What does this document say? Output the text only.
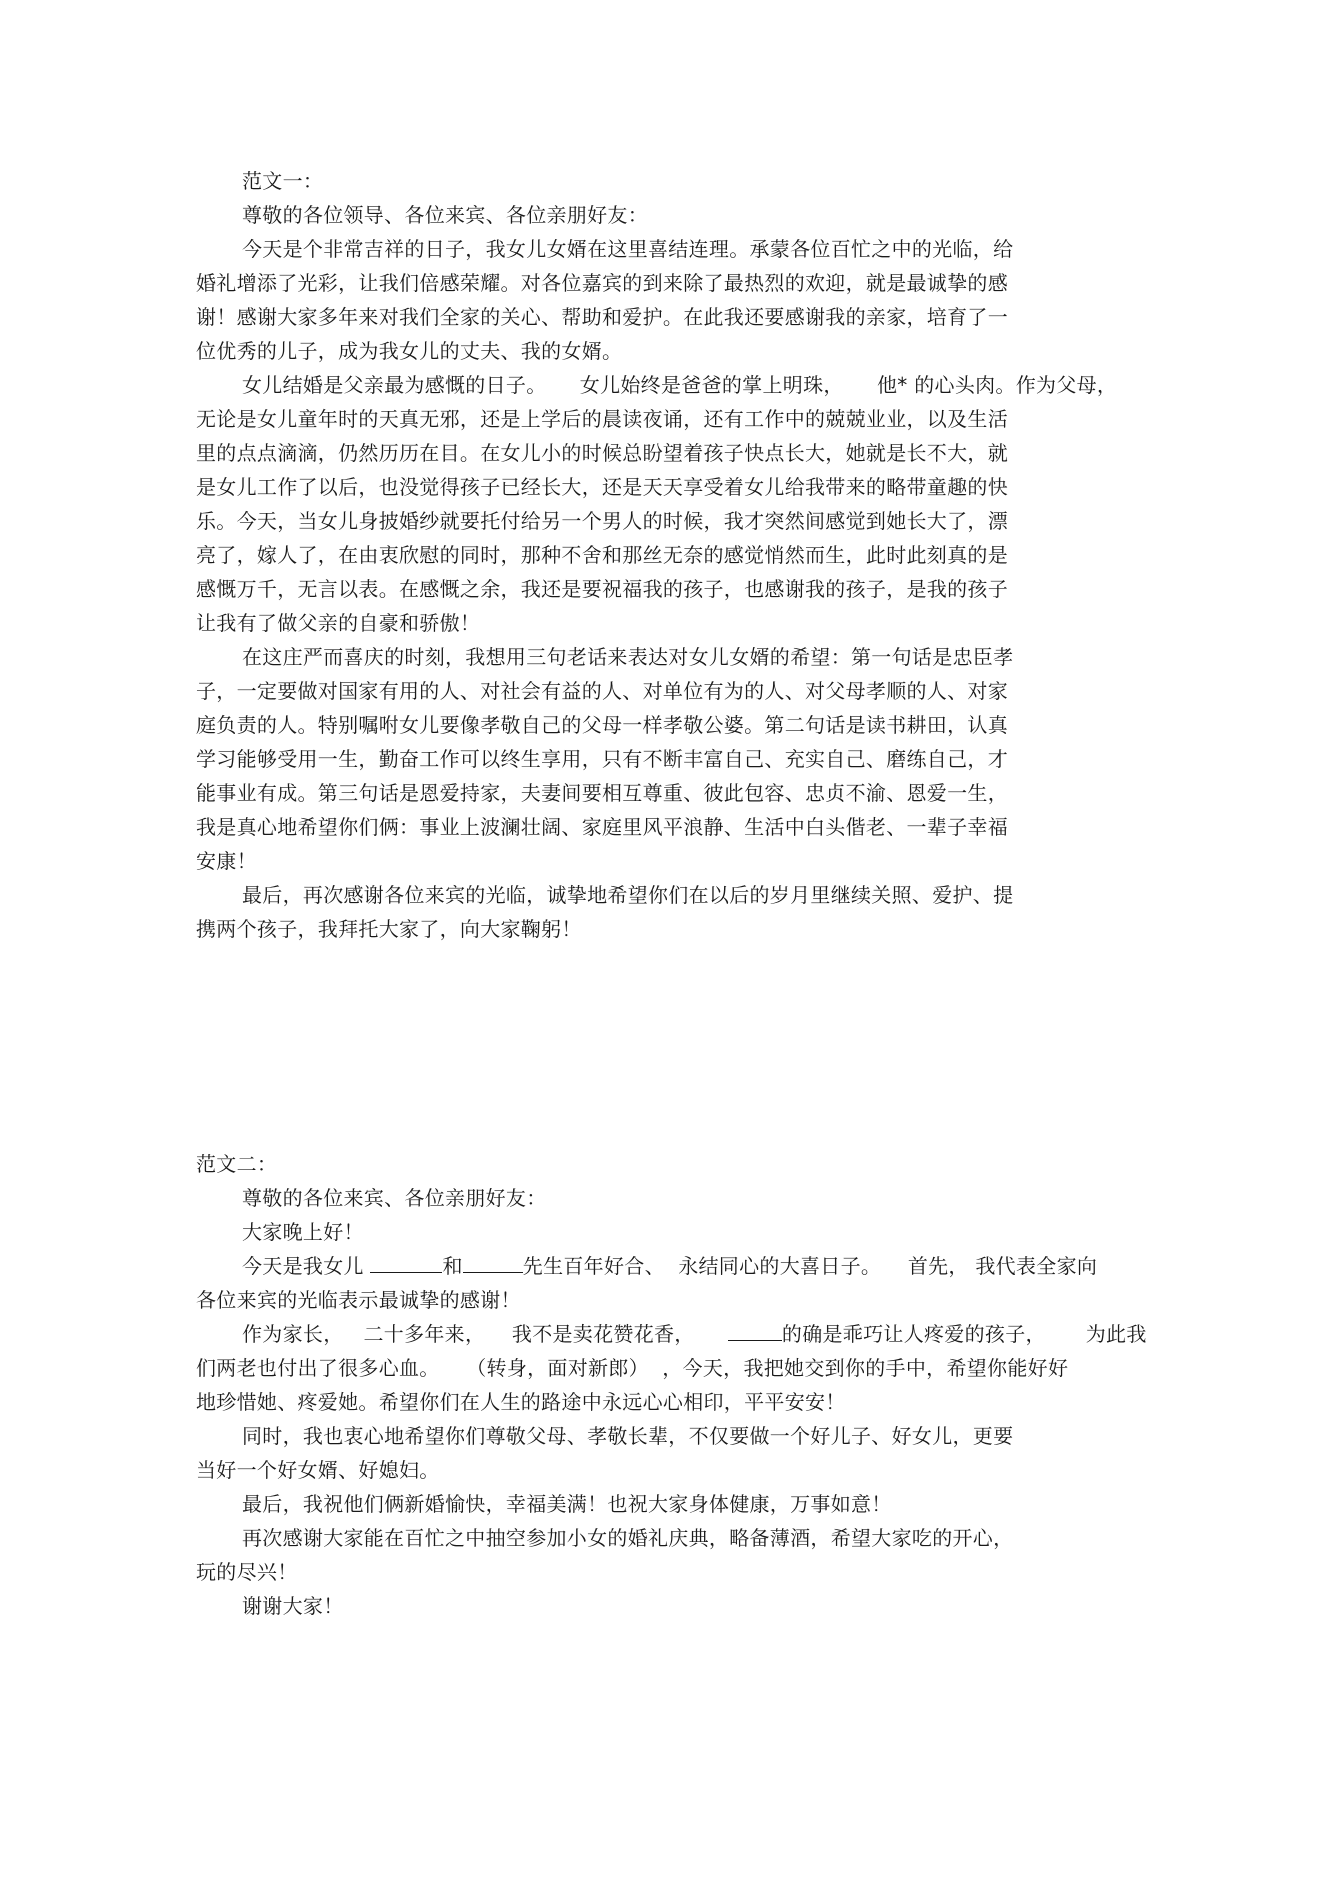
范文一：
尊敬的各位领导、各位来宾、各位亲朋好友：
今天是个非常吉祥的日子，我女儿女婿在这里喜结连理。承蒙各位百忙之中的光临，给
婚礼增添了光彩，让我们倍感荣耀。对各位嘉宾的到来除了最热烈的欢迎，就是最诚挚的感
谢！感谢大家多年来对我们全家的关心、帮助和爱护。在此我还要感谢我的亲家，培育了一
位优秀的儿子，成为我女儿的丈夫、我的女婿。
女儿结婚是父亲最为感慨的日子。     女儿始终是爸爸的掌上明珠，     他* 的心头肉。作为父母，
无论是女儿童年时的天真无邪，还是上学后的晨读夜诵，还有工作中的兢兢业业，以及生活
里的点点滴滴，仍然历历在目。在女儿小的时候总盼望着孩子快点长大，她就是长不大，就
是女儿工作了以后，也没觉得孩子已经长大，还是天天享受着女儿给我带来的略带童趣的快
乐。今天，当女儿身披婚纱就要托付给另一个男人的时候，我才突然间感觉到她长大了，漂
亮了，嫁人了，在由衷欣慰的同时，那种不舍和那丝无奈的感觉悄然而生，此时此刻真的是
感慨万千，无言以表。在感慨之余，我还是要祝福我的孩子，也感谢我的孩子，是我的孩子
让我有了做父亲的自豪和骄傲！
在这庄严而喜庆的时刻，我想用三句老话来表达对女儿女婿的希望：第一句话是忠臣孝
子，一定要做对国家有用的人、对社会有益的人、对单位有为的人、对父母孝顺的人、对家
庭负责的人。特别嘱咐女儿要像孝敬自己的父母一样孝敬公婆。第二句话是读书耕田，认真
学习能够受用一生，勤奋工作可以终生享用，只有不断丰富自己、充实自己、磨练自己，才
能事业有成。第三句话是恩爱持家，夫妻间要相互尊重、彼此包容、忠贞不渝、恩爱一生，
我是真心地希望你们俩：事业上波澜壮阔、家庭里风平浪静、生活中白头偕老、一辈子幸福
安康！
最后，再次感谢各位来宾的光临，诚挚地希望你们在以后的岁月里继续关照、爱护、提
携两个孩子，我拜托大家了，向大家鞠躬！
范文二：
尊敬的各位来宾、各位亲朋好友：
大家晚上好！
今天是我女儿	和	先生百年好合、  永结同心的大喜日子。    首先， 我代表全家向
各位来宾的光临表示最诚挚的感谢！
作为家长，   二十多年来，    我不是卖花赞花香，	的确是乖巧让人疼爱的孩子，      为此我
们两老也付出了很多心血。    （转身，面对新郎）  ，今天，我把她交到你的手中，希望你能好好
地珍惜她、疼爱她。希望你们在人生的路途中永远心心相印，平平安安！
同时，我也衷心地希望你们尊敬父母、孝敬长辈，不仅要做一个好儿子、好女儿，更要
当好一个好女婿、好媳妇。
最后，我祝他们俩新婚愉快，幸福美满！也祝大家身体健康，万事如意！
再次感谢大家能在百忙之中抽空参加小女的婚礼庆典，略备薄酒，希望大家吃的开心，
玩的尽兴！
谢谢大家！
